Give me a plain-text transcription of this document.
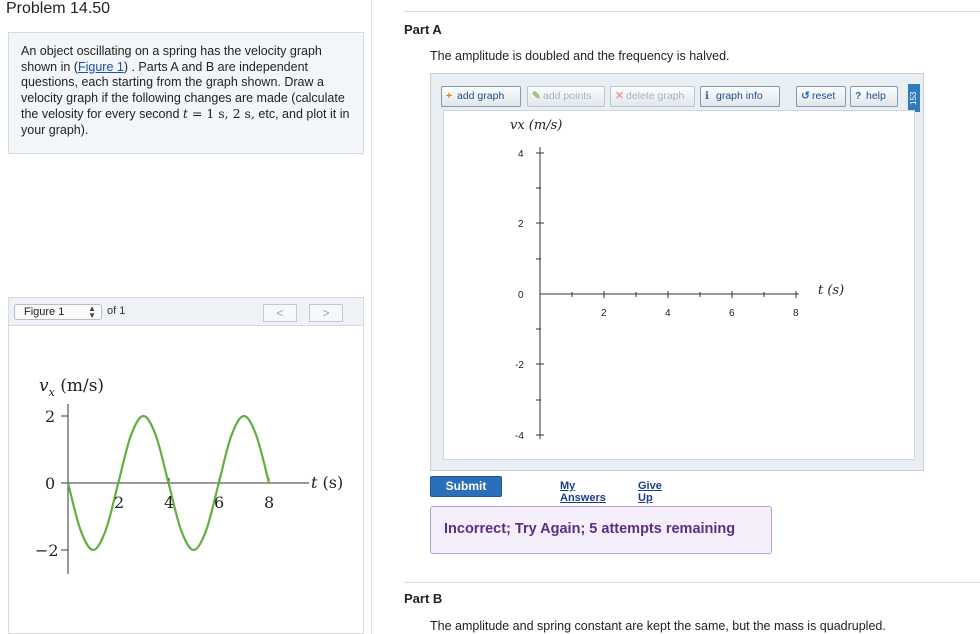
Problem 14.50
An object oscillating on a spring has the velocity graph shown in (Figure 1) . Parts A and B are independent questions, each starting from the graph shown. Draw a velocity graph if the following changes are made (calculate the velosity for every second t = 1 s, 2 s, etc, and plot it in your graph).
Figure 1	▲
▼ of 1	<	>
$v_x$ (m/s)
t (s)
2
0
−2
2 4 6 8
Part A
The amplitude is doubled and the frequency is halved.
+ add graph	✎ add points	✕ delete graph	i graph info	↺ reset	? help	153
vx (m/s)
t (s)
4
2
0
-2
-4
2	4	6	8
Submit	My Answers
Give Up
Incorrect; Try Again; 5 attempts remaining
Part B
The amplitude and spring constant are kept the same, but the mass is quadrupled.
